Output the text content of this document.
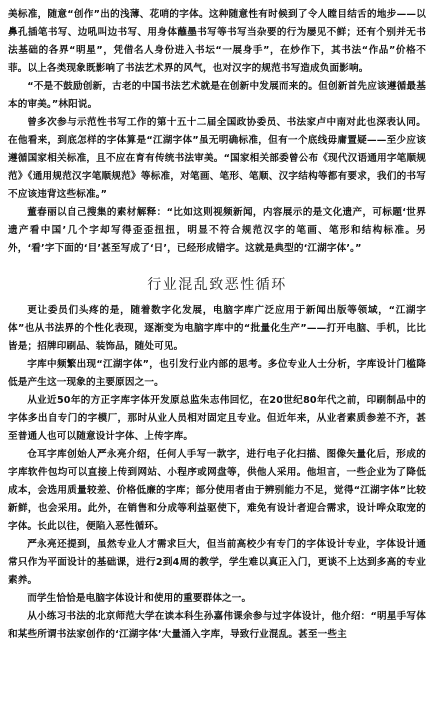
美标准，随意“创作”出的浅薄、花哨的字体。这种随意性有时候到了令人瞠目结舌的地步——以鼻孔插笔书写、边吼叫边书写、用身体蘸墨书写等书写当杂要的行为屡见不鲜；还有个别并无书法基础的各界“明星”，凭借名人身份进入书坛“一展身手”，在炒作下，其书法“作品”价格不菲。以上各类现象既影响了书法艺术界的风气，也对汉字的规范书写造成负面影响。

“不是不鼓励创新，古老的中国书法艺术就是在创新中发展而来的。但创新首先应该遵循最基本的审美。”林阳说。

曾多次参与示范性书写工作的第十五十二届全国政协委员、书法家卢中南对此也深表认同。在他看来，到底怎样的字体算是“江湖字体”虽无明确标准，但有一个底线毋庸置疑——至少应该遵循国家相关标准，且不应在育有传统书法审美。“国家相关部委曾公布《现代汉语通用字笔顺规范》《通用规范汉字笔顺规范》等标准，对笔画、笔形、笔顺、汉字结构等都有要求，我们的书写不应该违背这些标准。”

董春丽以自己搜集的素材解释：“比如这则视频新闻，内容展示的是文化遗产，可标题‘世界遗产看中国’几个字却写得歪歪扭扭，明显不符合规范汉字的笔画、笔形和结构标准。另外，‘看’字下面的‘目’甚至写成了‘日’，已经形成错字。这就是典型的‘江湖字体’。”

行业混乱致恶性循环

更让委员们头疼的是，随着数字化发展，电脑字库广泛应用于新闻出版等领域，“江湖字体”也从书法界的个性化表现，逐渐变为电脑字库中的“批量化生产”——打开电脑、手机，比比皆是；招牌印刷品、装饰品，随处可见。

字库中频繁出现“江湖字体”，也引发行业内部的思考。多位专业人士分析，字库设计门槛降低是产生这一现象的主要原因之一。

从业近50年的方正字库字体开发原总监朱志伟回忆，在20世纪80年代之前，印刷制品中的字体多出自专门的字模厂，那时从业人员相对固定且专业。但近年来，从业者素质参差不齐，甚至普通人也可以随意设计字体、上传字库。

仓耳字库创始人严永亮介绍，任何人手写一款字，进行电子化扫描、图像矢量化后，形成的字库软件包均可以直接上传到网站、小程序或网盘等，供他人采用。他坦言，一些企业为了降低成本，会选用质量较差、价格低廉的字库；部分使用者由于辨别能力不足，觉得“江湖字体”比较新鲜，也会采用。此外，在销售和分成等利益驱使下，难免有设计者迎合需求，设计哗众取宠的字体。长此以往，便陷入恶性循环。

严永亮还提到，虽然专业人才需求巨大，但当前高校少有专门的字体设计专业，字体设计通常只作为平面设计的基础课，进行2到4周的教学，学生难以真正入门，更谈不上达到多高的专业素养。

而学生恰恰是电脑字体设计和使用的重要群体之一。

从小练习书法的北京师范大学在读本科生孙嘉伟课余参与过字体设计，他介绍：“明星手写体和某些所谓书法家创作的‘江湖字体’大量涌入字库，导致行业混乱。甚至一些主
